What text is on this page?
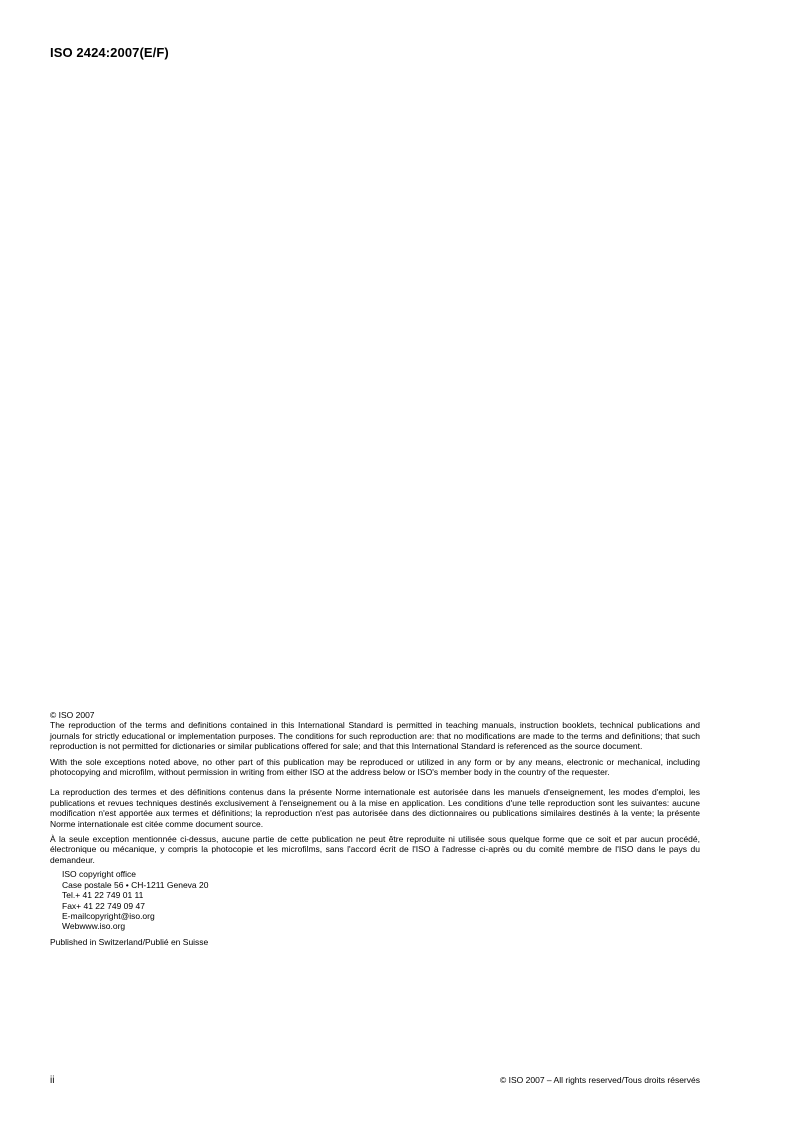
ISO 2424:2007(E/F)

© ISO 2007

The reproduction of the terms and definitions contained in this International Standard is permitted in teaching manuals, instruction booklets, technical publications and journals for strictly educational or implementation purposes. The conditions for such reproduction are: that no modifications are made to the terms and definitions; that such reproduction is not permitted for dictionaries or similar publications offered for sale; and that this International Standard is referenced as the source document.

With the sole exceptions noted above, no other part of this publication may be reproduced or utilized in any form or by any means, electronic or mechanical, including photocopying and microfilm, without permission in writing from either ISO at the address below or ISO's member body in the country of the requester.

La reproduction des termes et des définitions contenus dans la présente Norme internationale est autorisée dans les manuels d'enseignement, les modes d'emploi, les publications et revues techniques destinés exclusivement à l'enseignement ou à la mise en application. Les conditions d'une telle reproduction sont les suivantes: aucune modification n'est apportée aux termes et définitions; la reproduction n'est pas autorisée dans des dictionnaires ou publications similaires destinés à la vente; la présente Norme internationale est citée comme document source.

À la seule exception mentionnée ci-dessus, aucune partie de cette publication ne peut être reproduite ni utilisée sous quelque forme que ce soit et par aucun procédé, électronique ou mécanique, y compris la photocopie et les microfilms, sans l'accord écrit de l'ISO à l'adresse ci-après ou du comité membre de l'ISO dans le pays du demandeur.

ISO copyright office
Case postale 56 • CH-1211 Geneva 20
Tel.+ 41 22 749 01 11
Fax+ 41 22 749 09 47
E-mailcopyright@iso.org
Webwww.iso.org

Published in Switzerland/Publié en Suisse

ii	© ISO 2007 – All rights reserved/Tous droits réservés
